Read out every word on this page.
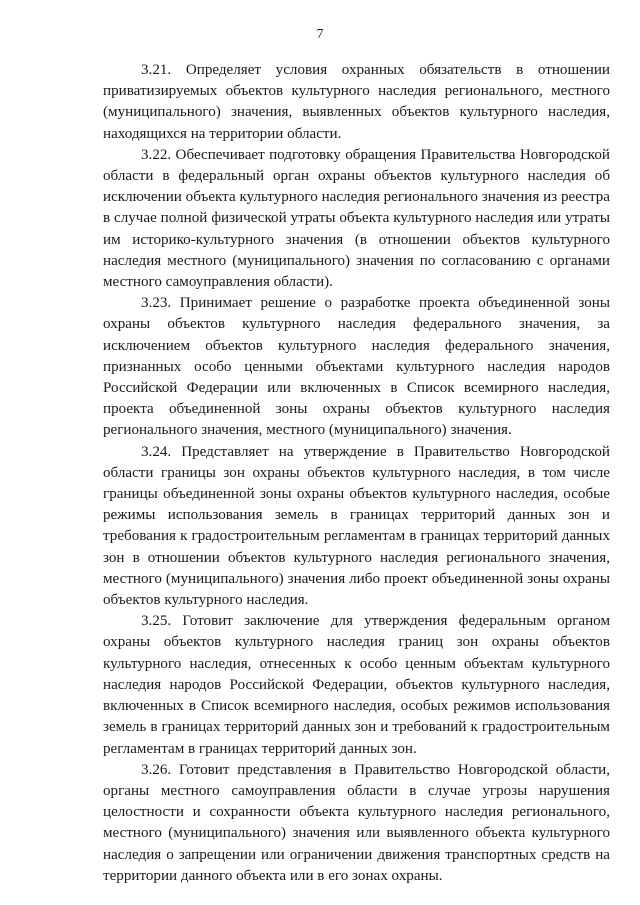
7

3.21. Определяет условия охранных обязательств в отношении приватизируемых объектов культурного наследия регионального, местного (муниципального) значения, выявленных объектов культурного наследия, находящихся на территории области.

3.22. Обеспечивает подготовку обращения Правительства Новгородской области в федеральный орган охраны объектов культурного наследия об исключении объекта культурного наследия регионального значения из реестра в случае полной физической утраты объекта культурного наследия или утраты им историко-культурного значения (в отношении объектов культурного наследия местного (муниципального) значения по согласованию с органами местного самоуправления области).

3.23. Принимает решение о разработке проекта объединенной зоны охраны объектов культурного наследия федерального значения, за исключением объектов культурного наследия федерального значения, признанных особо ценными объектами культурного наследия народов Российской Федерации или включенных в Список всемирного наследия, проекта объединенной зоны охраны объектов культурного наследия регионального значения, местного (муниципального) значения.

3.24. Представляет на утверждение в Правительство Новгородской области границы зон охраны объектов культурного наследия, в том числе границы объединенной зоны охраны объектов культурного наследия, особые режимы использования земель в границах территорий данных зон и требования к градостроительным регламентам в границах территорий данных зон в отношении объектов культурного наследия регионального значения, местного (муниципального) значения либо проект объединенной зоны охраны объектов культурного наследия.

3.25. Готовит заключение для утверждения федеральным органом охраны объектов культурного наследия границ зон охраны объектов культурного наследия, отнесенных к особо ценным объектам культурного наследия народов Российской Федерации, объектов культурного наследия, включенных в Список всемирного наследия, особых режимов использования земель в границах территорий данных зон и требований к градостроительным регламентам в границах территорий данных зон.

3.26. Готовит представления в Правительство Новгородской области, органы местного самоуправления области в случае угрозы нарушения целостности и сохранности объекта культурного наследия регионального, местного (муниципального) значения или выявленного объекта культурного наследия о запрещении или ограничении движения транспортных средств на территории данного объекта или в его зонах охраны.
